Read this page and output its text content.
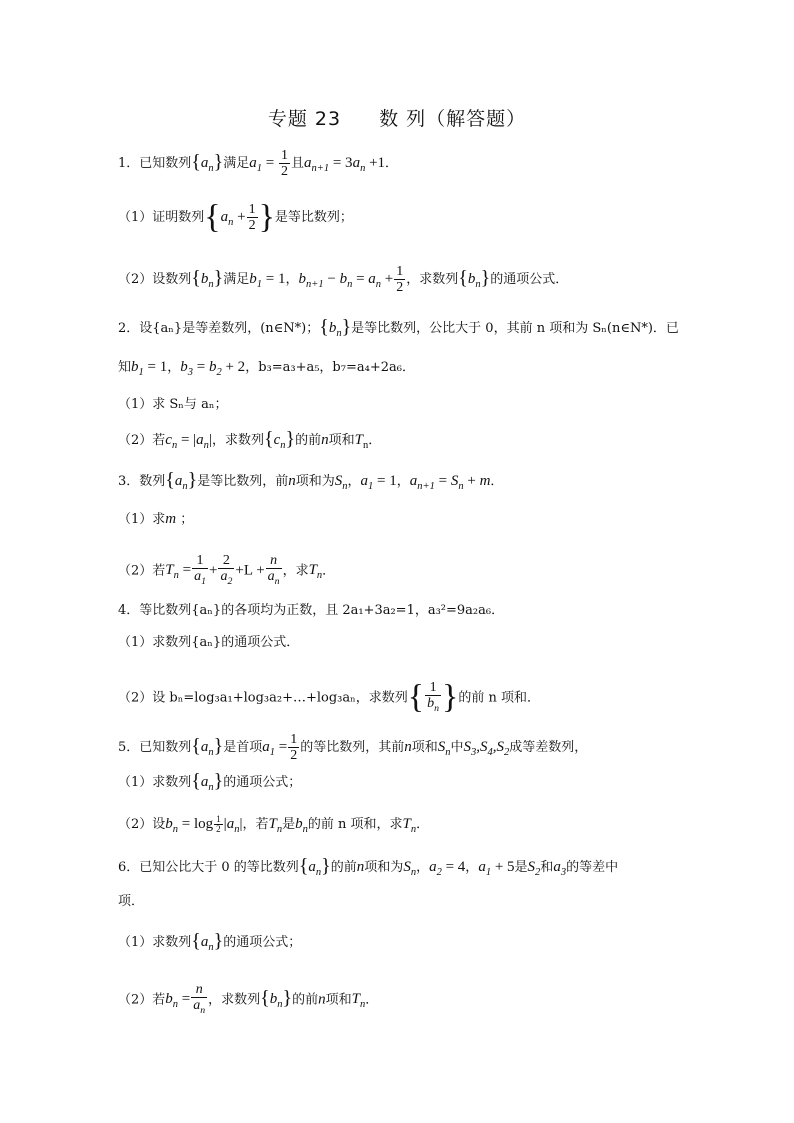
专题 23 数 列（解答题）
1．已知数列$\{a_n\}$满足$a_1 = \frac{1}{2}$ 且$a_{n+1} = 3a_n +1$．
（1）证明数列{$a_n + \frac{1}{2}$ }是等比数列；
（2）设数列$\{b_n\}$满足$b_1 = 1$，$b_{n+1} - b_n = a_n + \frac{1}{2}$ ，求数列$\{b_n\}$的通项公式．
2．设{aₙ}是等差数列，(n∈N*)；$\{b_n\}$是等比数列，公比大于 0，其前 n 项和为 Sₙ(n∈N*)．已
知$b_1 = 1$，$b_3 = b_2 + 2$，b₃=a₃+a₅，b₇=a₄+2a₆．
（1）求 Sₙ与 aₙ；
（2）若$c_n = |a_n|$，求数列$\{c_n\}$的前n项和$T_n$．
3．数列$\{a_n\}$是等比数列，前n项和为$S_n$，$a_1 = 1$，$a_{n+1} = S_n + m$．
（1）求m ；
（2）若$T_n = \frac{1}{a_1} + \frac{2}{a_2} +L + \frac{n}{a_n}$ ，求$T_n$．
4．等比数列{aₙ}的各项均为正数，且 2a₁+3a₂=1，a₃²=9a₂a₆．
（1）求数列{aₙ}的通项公式．
（2）设 bₙ=log₃a₁+log₃a₂+…+log₃aₙ，求数列{ $\frac{1}{b_n}$ }的前 n 项和．
5．已知数列$\{a_n\}$是首项$a_1 = \frac{1}{2}$ 的等比数列，其前n项和$S_n$中$S_3,S_4,S_2$成等差数列，
（1）求数列$\{a_n\}$的通项公式；
（2）设$b_n = \log \frac{1}{2} |a_n|$，若$T_n$是$b_n$的前 n 项和，求$T_n$．
6．已知公比大于 0 的等比数列$\{a_n\}$的前n项和为$S_n$，$a_2 = 4$，$a_1 + 5$是$S_2$和$a_3$的等差中
项．
（1）求数列$\{a_n\}$的通项公式；
（2）若$b_n = \frac{n}{a_n}$ ，求数列$\{b_n\}$的前n项和$T_n$．
